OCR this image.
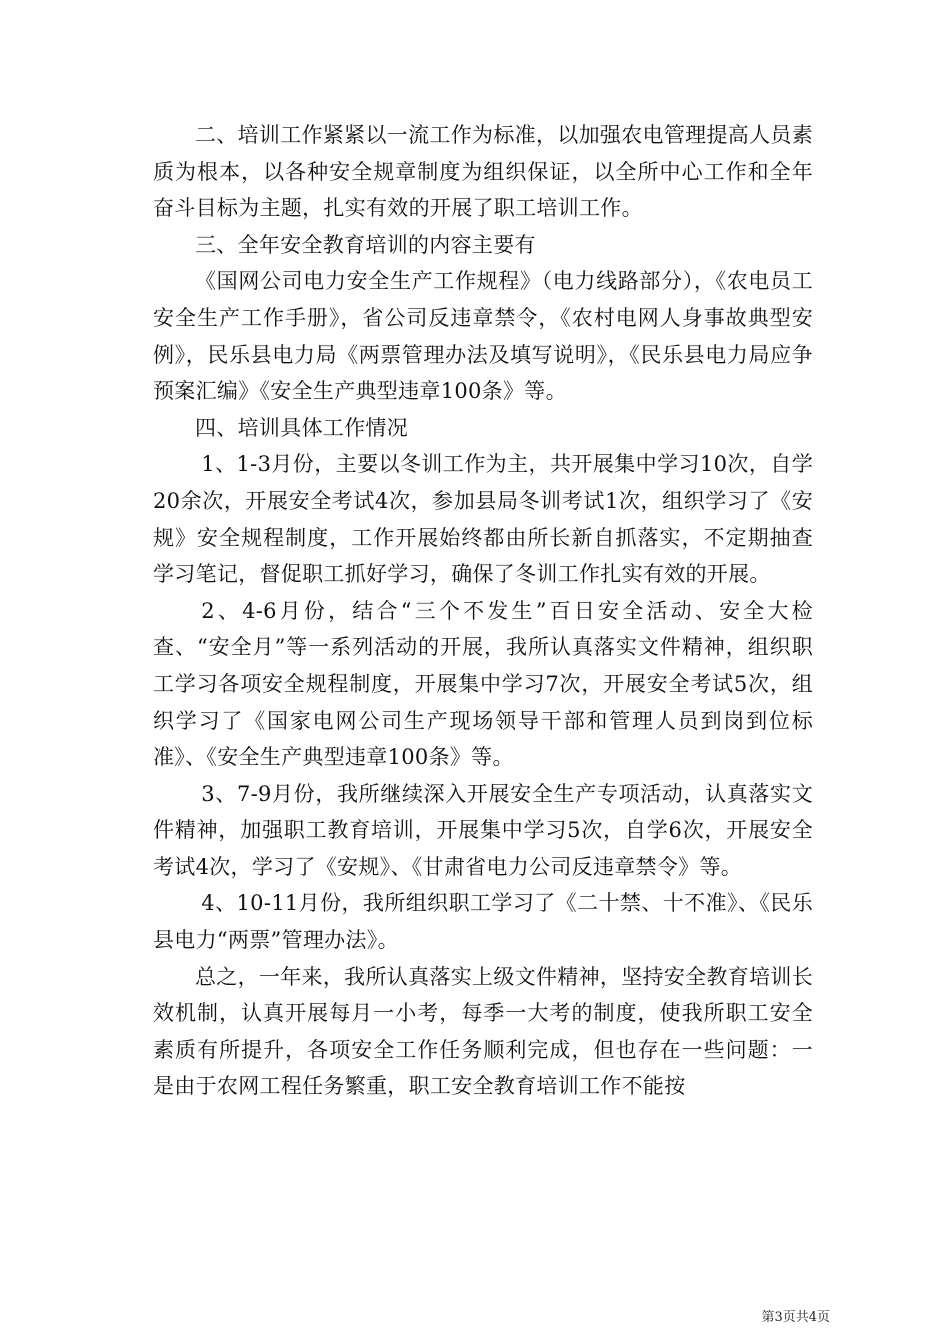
二、培训工作紧紧以一流工作为标准，以加强农电管理提高人员素质为根本，以各种安全规章制度为组织保证，以全所中心工作和全年奋斗目标为主题，扎实有效的开展了职工培训工作。

三、全年安全教育培训的内容主要有

《国网公司电力安全生产工作规程》（电力线路部分），《农电员工安全生产工作手册》，省公司反违章禁令，《农村电网人身事故典型安例》，民乐县电力局《两票管理办法及填写说明》，《民乐县电力局应争预案汇编》《安全生产典型违章100条》等。

四、培训具体工作情况

1、1-3月份，主要以冬训工作为主，共开展集中学习10次，自学20余次，开展安全考试4次，参加县局冬训考试1次，组织学习了《安规》安全规程制度，工作开展始终都由所长新自抓落实，不定期抽查学习笔记，督促职工抓好学习，确保了冬训工作扎实有效的开展。

2、4-6月份，结合“三个不发生”百日安全活动、安全大检查、“安全月”等一系列活动的开展，我所认真落实文件精神，组织职工学习各项安全规程制度，开展集中学习7次，开展安全考试5次，组织学习了《国家电网公司生产现场领导干部和管理人员到岗到位标准》、《安全生产典型违章100条》等。

3、7-9月份，我所继续深入开展安全生产专项活动，认真落实文件精神，加强职工教育培训，开展集中学习5次，自学6次，开展安全考试4次，学习了《安规》、《甘肃省电力公司反违章禁令》等。

4、10-11月份，我所组织职工学习了《二十禁、十不准》、《民乐县电力“两票”管理办法》。

总之，一年来，我所认真落实上级文件精神，坚持安全教育培训长效机制，认真开展每月一小考，每季一大考的制度，使我所职工安全素质有所提升，各项安全工作任务顺利完成，但也存在一些问题：一是由于农网工程任务繁重，职工安全教育培训工作不能按

第3页共4页
